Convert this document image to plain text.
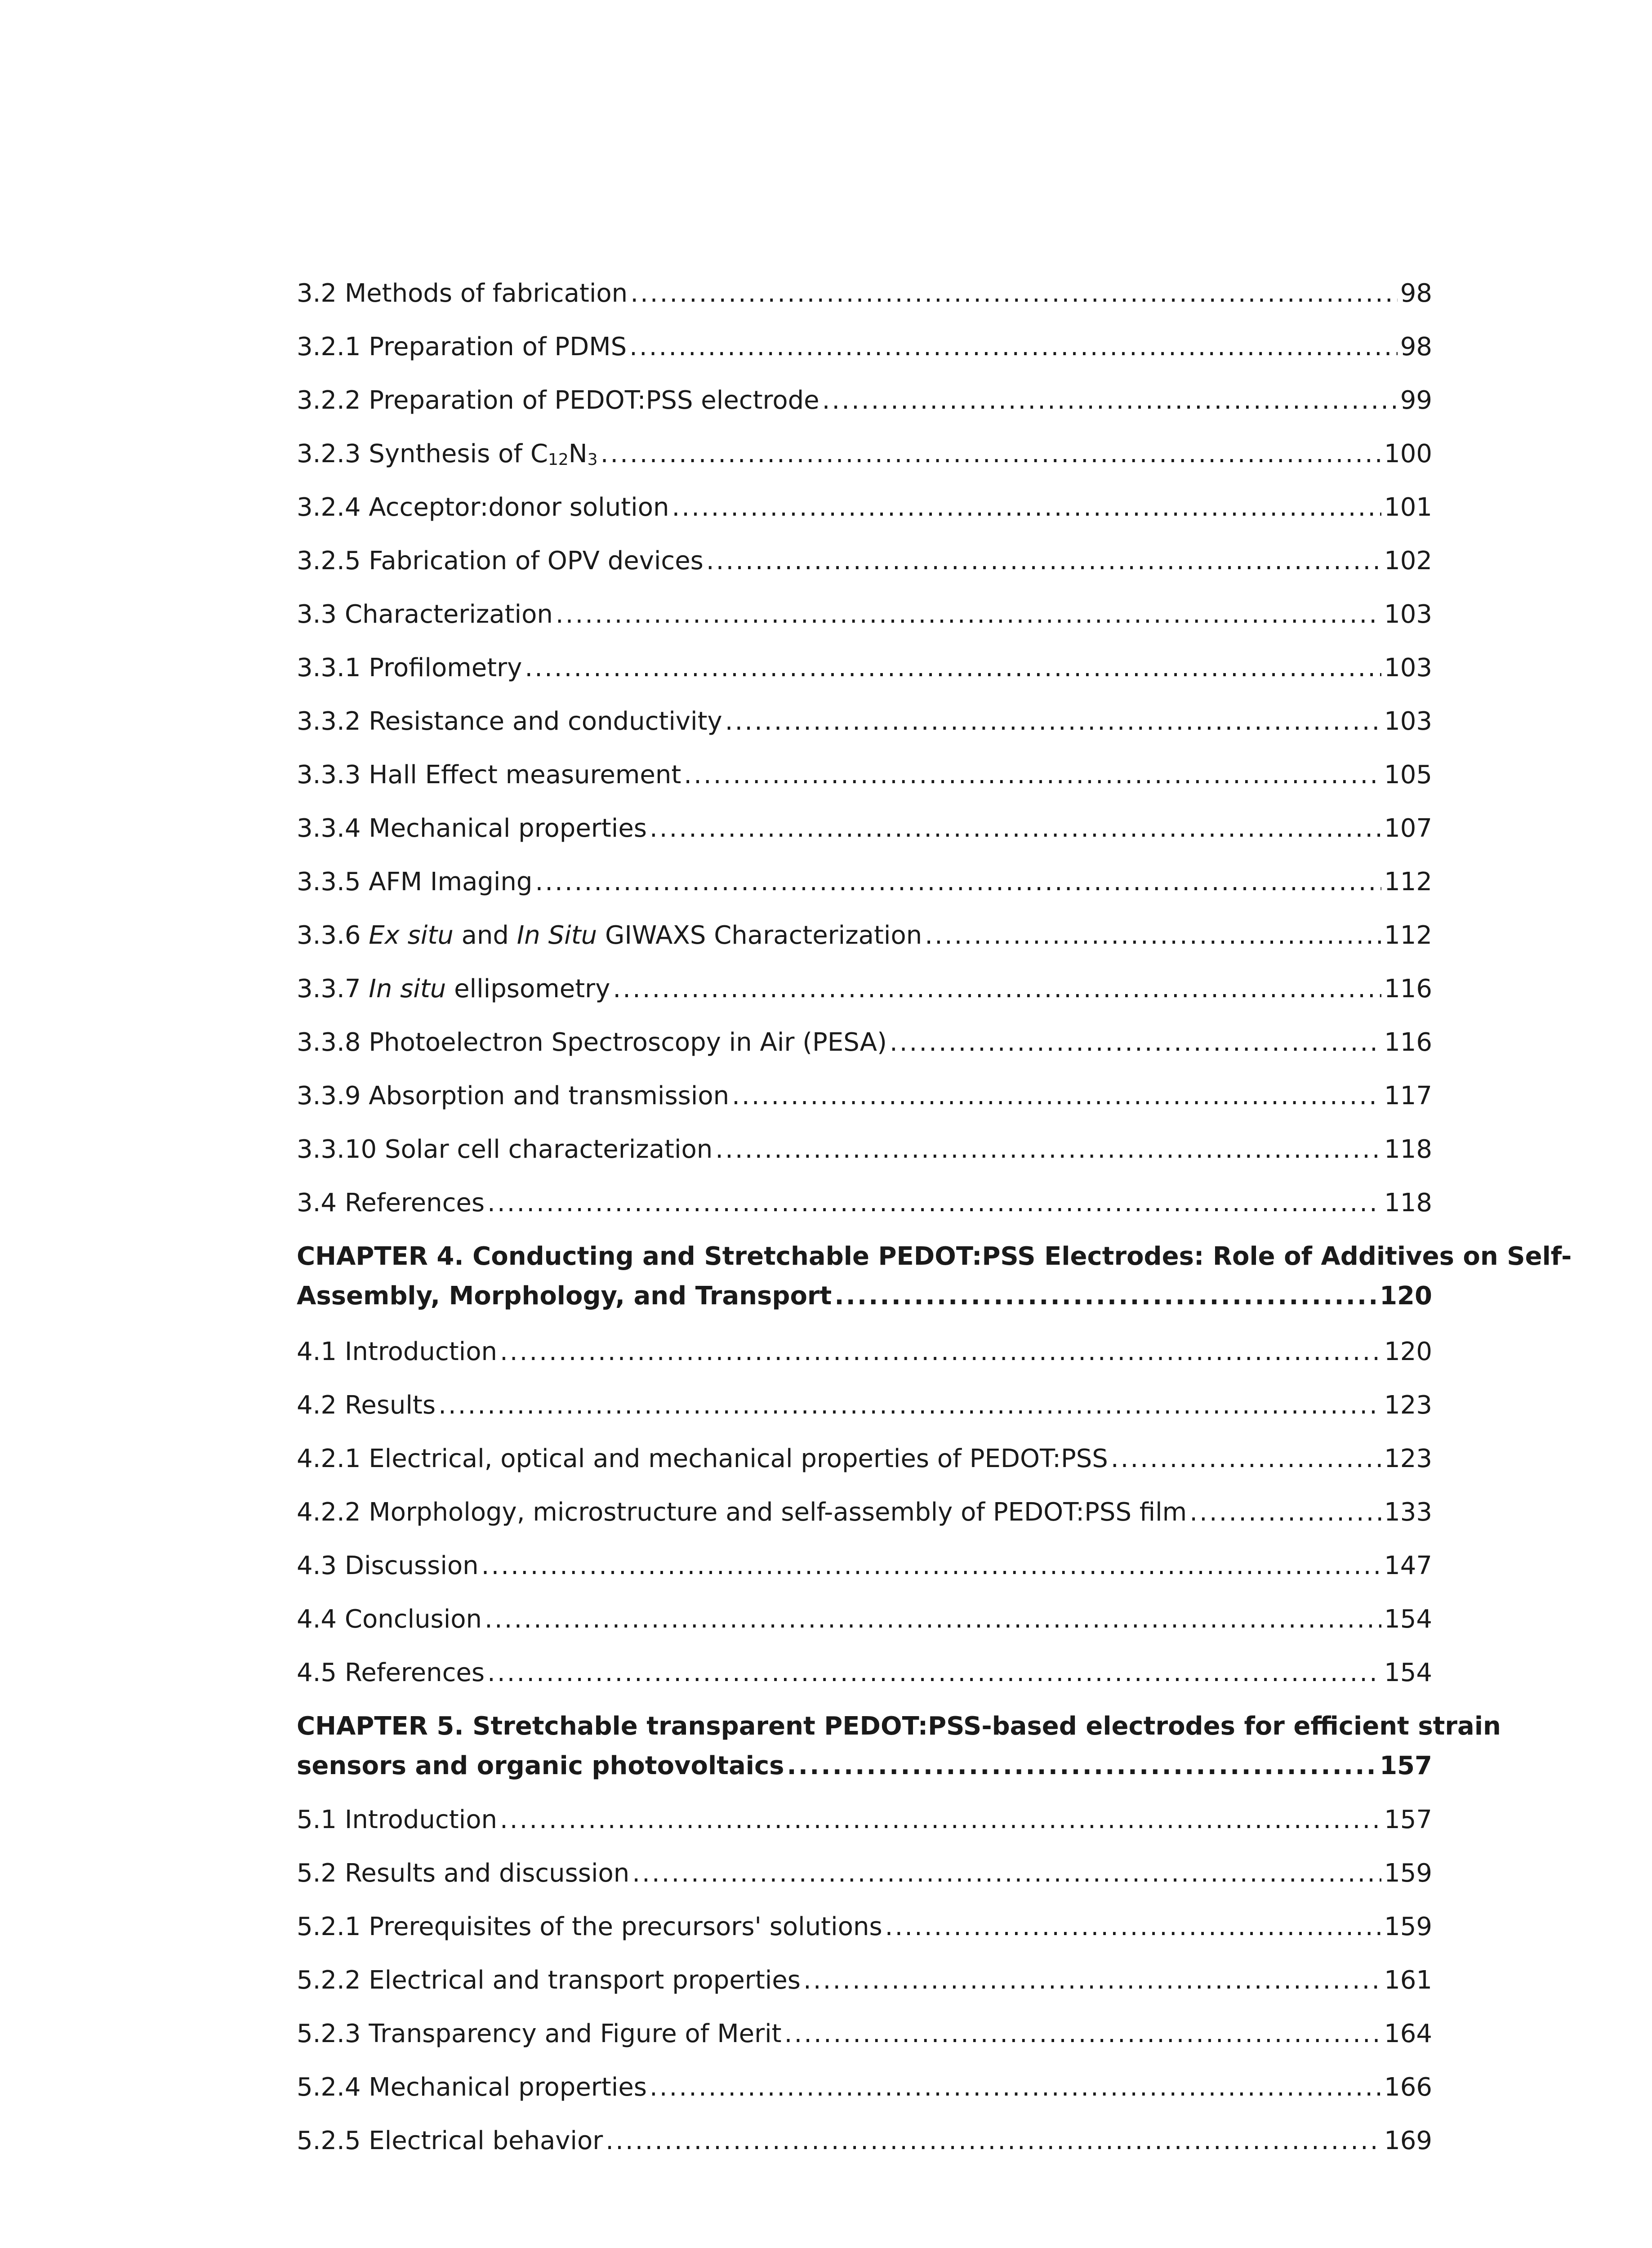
3.2 Methods of fabrication .....	98
3.2.1 Preparation of PDMS .....	98
3.2.2 Preparation of PEDOT:PSS electrode .....	99
3.2.3 Synthesis of $C_{12}N_3$ .....	100
3.2.4 Acceptor:donor solution .....	101
3.2.5 Fabrication of OPV devices .....	102
3.3 Characterization .....	103
3.3.1 Profilometry .....	103
3.3.2 Resistance and conductivity .....	103
3.3.3 Hall Effect measurement .....	105
3.3.4 Mechanical properties .....	107
3.3.5 AFM Imaging .....	112
3.3.6 Ex situ and In Situ GIWAXS Characterization .....	112
3.3.7 In situ ellipsometry .....	116
3.3.8 Photoelectron Spectroscopy in Air (PESA) .....	116
3.3.9 Absorption and transmission .....	117
3.3.10 Solar cell characterization .....	118
3.4 References .....	118
CHAPTER 4. Conducting and Stretchable PEDOT:PSS Electrodes: Role of Additives on Self-
Assembly, Morphology, and Transport .....	120
4.1 Introduction .....	120
4.2 Results .....	123
4.2.1 Electrical, optical and mechanical properties of PEDOT:PSS .....	123
4.2.2 Morphology, microstructure and self-assembly of PEDOT:PSS film .....	133
4.3 Discussion .....	147
4.4 Conclusion .....	154
4.5 References .....	154
CHAPTER 5. Stretchable transparent PEDOT:PSS-based electrodes for efficient strain
sensors and organic photovoltaics .....	157
5.1 Introduction .....	157
5.2 Results and discussion .....	159
5.2.1 Prerequisites of the precursors' solutions .....	159
5.2.2 Electrical and transport properties .....	161
5.2.3 Transparency and Figure of Merit .....	164
5.2.4 Mechanical properties .....	166
5.2.5 Electrical behavior .....	169
